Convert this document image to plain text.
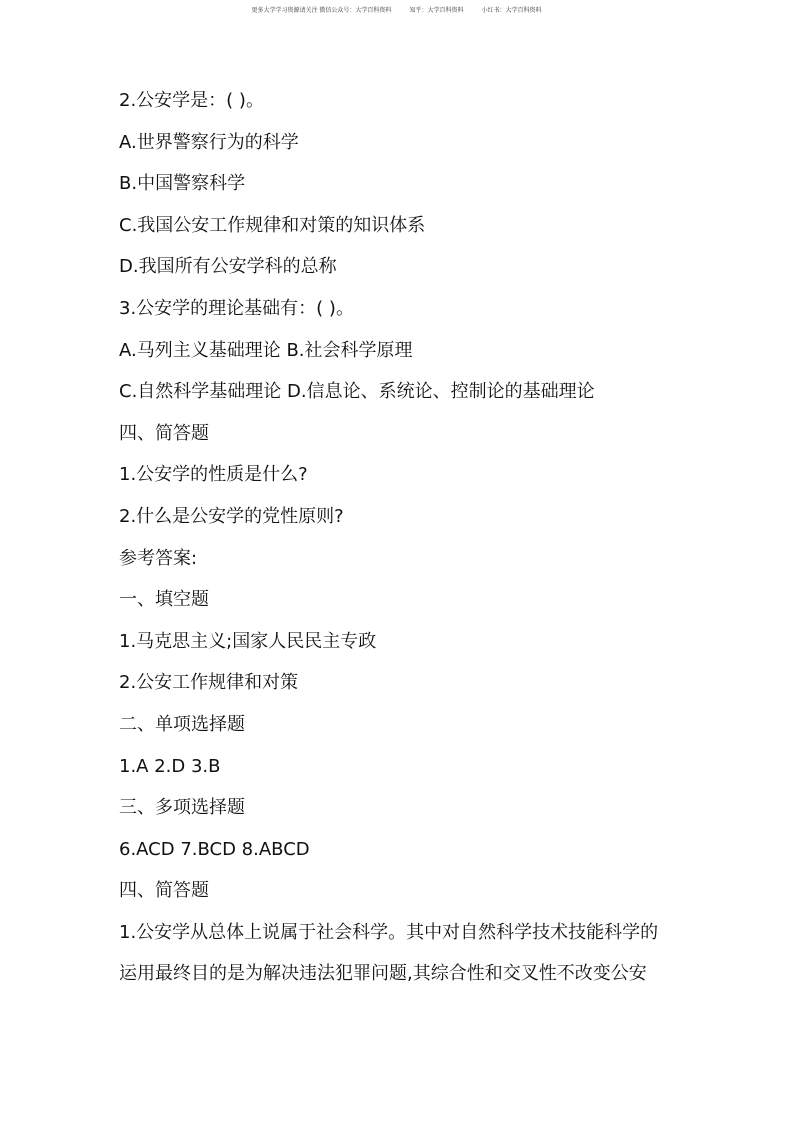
更多大学学习资源请关注 微信公众号：大学百科资料	知乎：大学百科资料	小红书：大学百科资料
2.公安学是：( )。
A.世界警察行为的科学
B.中国警察科学
C.我国公安工作规律和对策的知识体系
D.我国所有公安学科的总称
3.公安学的理论基础有：( )。
A.马列主义基础理论 B.社会科学原理
C.自然科学基础理论 D.信息论、系统论、控制论的基础理论
四、简答题
1.公安学的性质是什么?
2.什么是公安学的党性原则?
参考答案:
一、填空题
1.马克思主义;国家人民民主专政
2.公安工作规律和对策
二、单项选择题
1.A 2.D 3.B
三、多项选择题
6.ACD 7.BCD 8.ABCD
四、简答题
1.公安学从总体上说属于社会科学。其中对自然科学技术技能科学的
运用最终目的是为解决违法犯罪问题,其综合性和交叉性不改变公安
